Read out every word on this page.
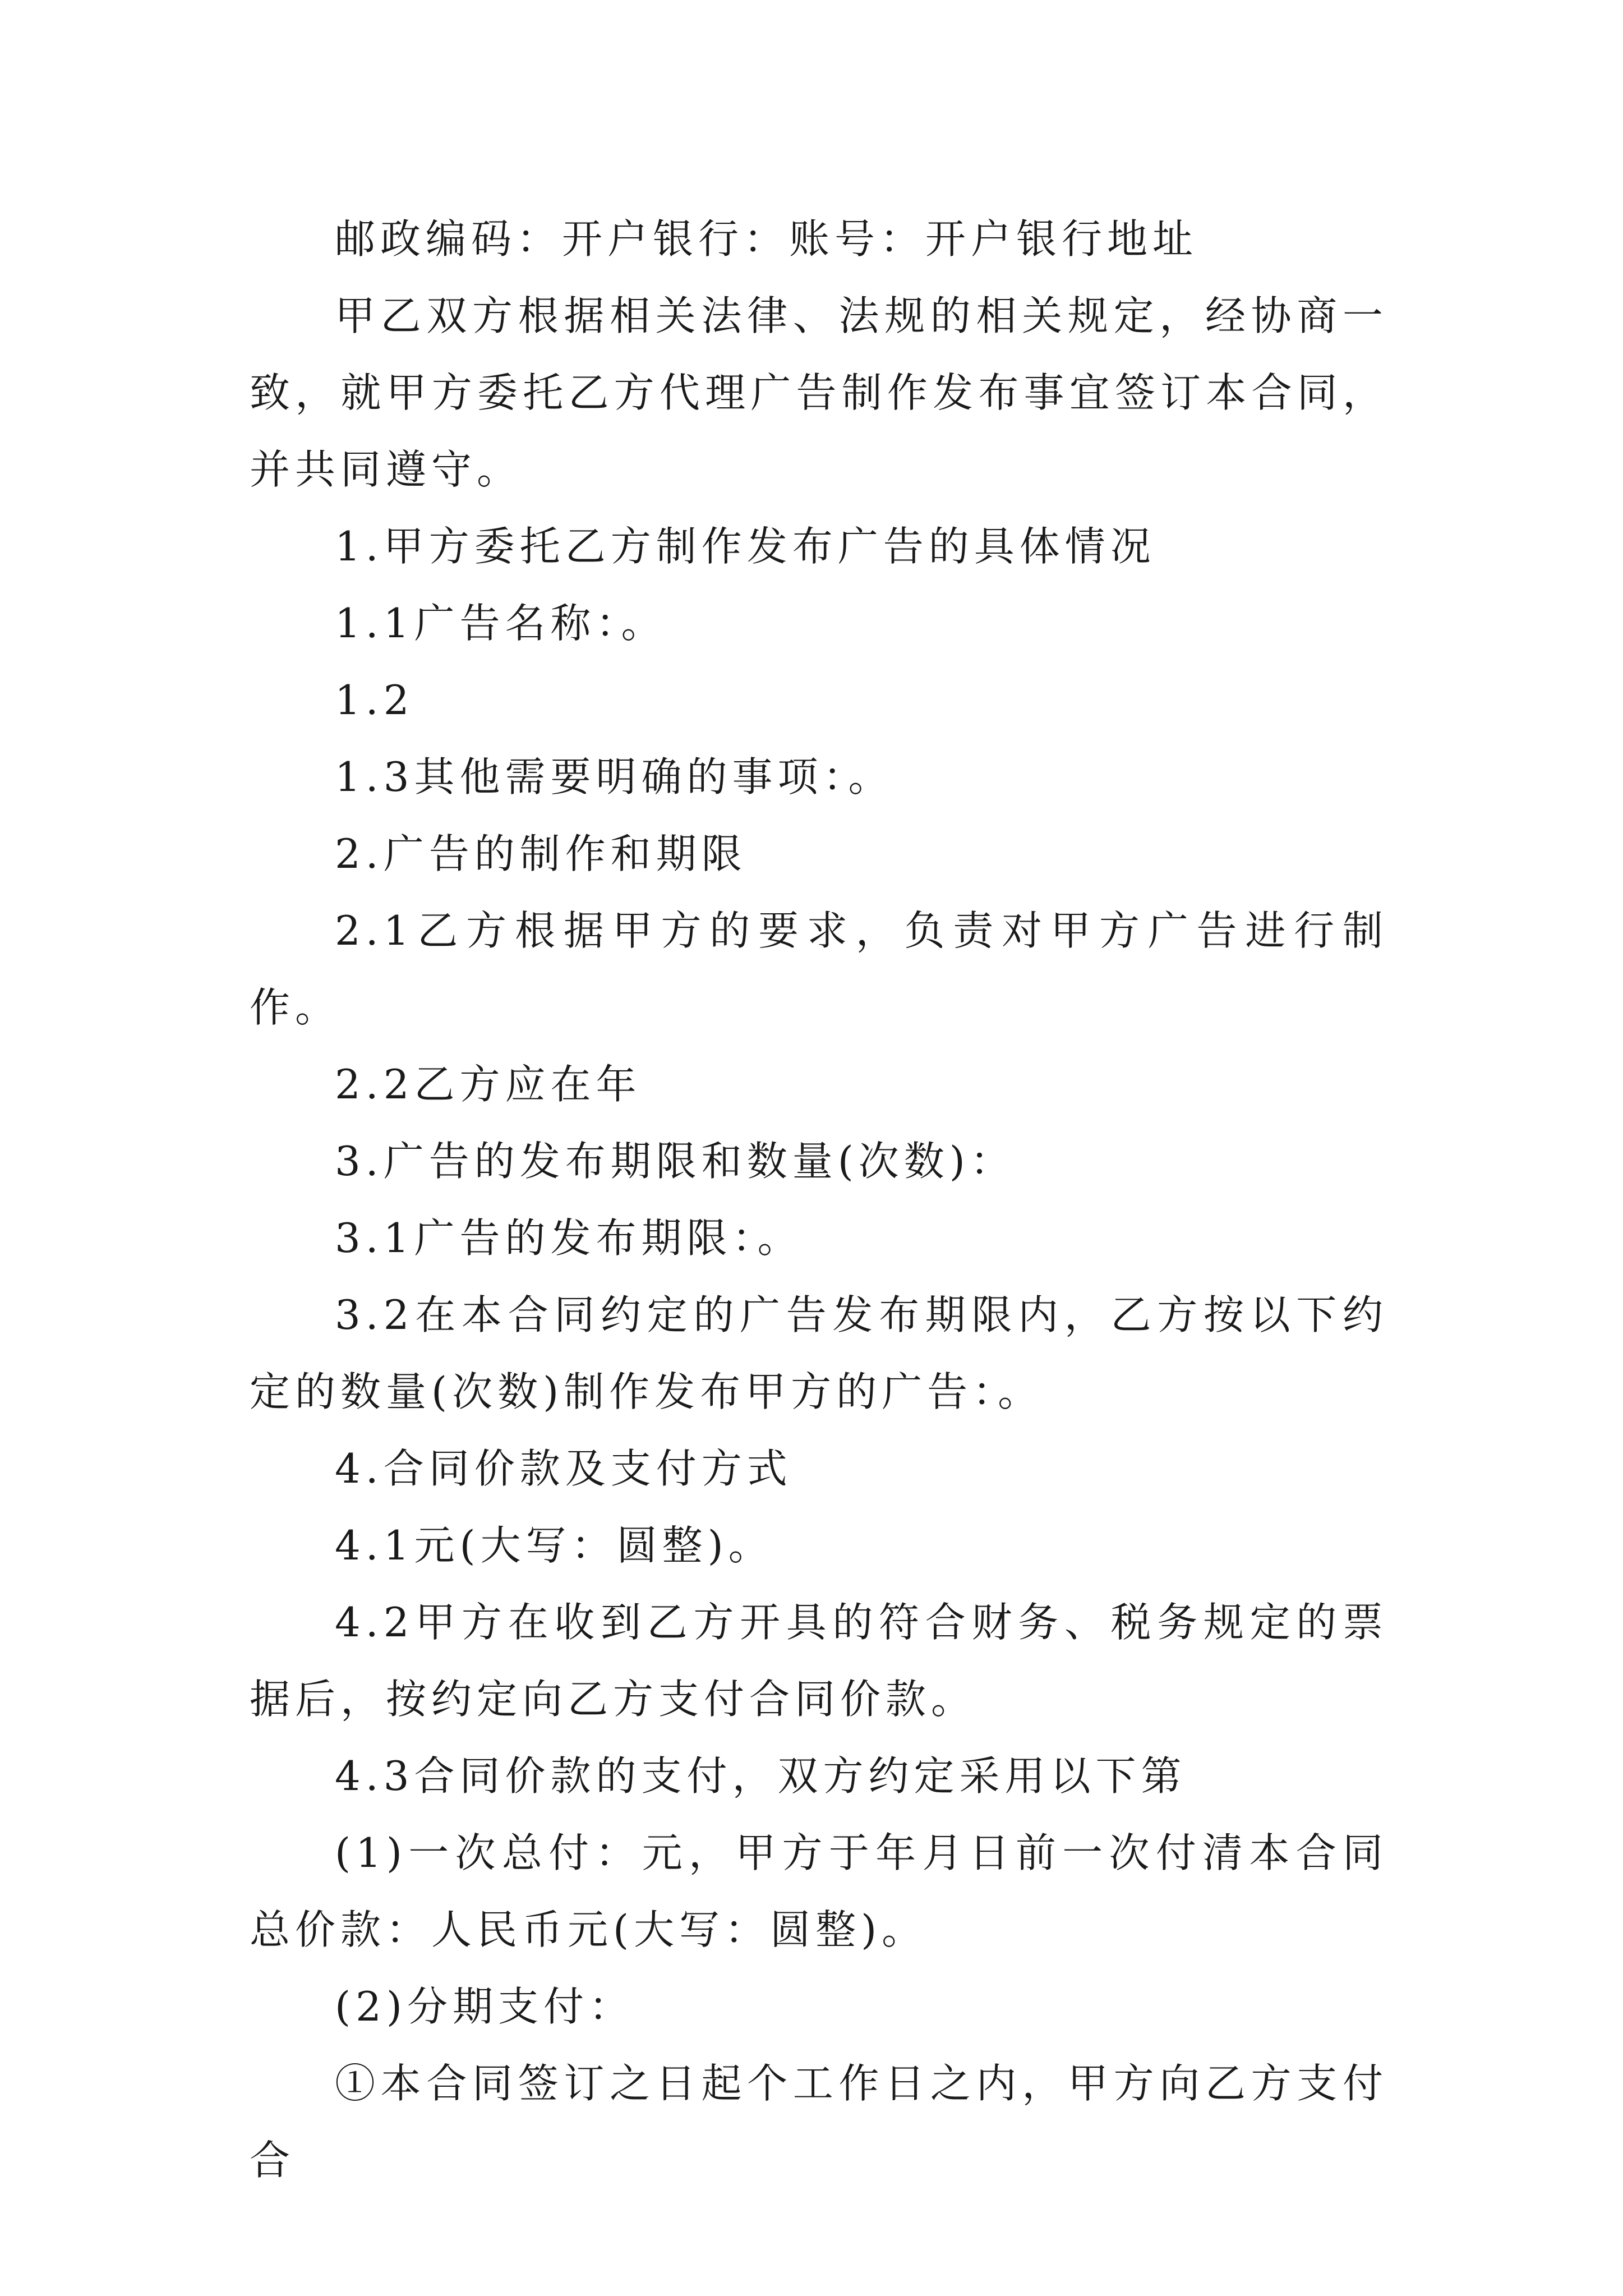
邮政编码：开户银行：账号：开户银行地址

甲乙双方根据相关法律、法规的相关规定，经协商一致，就甲方委托乙方代理广告制作发布事宜签订本合同，并共同遵守。

1.甲方委托乙方制作发布广告的具体情况

1.1广告名称：。

1.2

1.3其他需要明确的事项：。

2.广告的制作和期限

2.1乙方根据甲方的要求，负责对甲方广告进行制作。

2.2乙方应在年

3.广告的发布期限和数量(次数)：

3.1广告的发布期限：。

3.2在本合同约定的广告发布期限内，乙方按以下约定的数量(次数)制作发布甲方的广告：。

4.合同价款及支付方式

4.1元(大写：圆整)。

4.2甲方在收到乙方开具的符合财务、税务规定的票据后，按约定向乙方支付合同价款。

4.3合同价款的支付，双方约定采用以下第

(1)一次总付：元，甲方于年月日前一次付清本合同总价款：人民币元(大写：圆整)。

(2)分期支付：

①本合同签订之日起个工作日之内，甲方向乙方支付合
